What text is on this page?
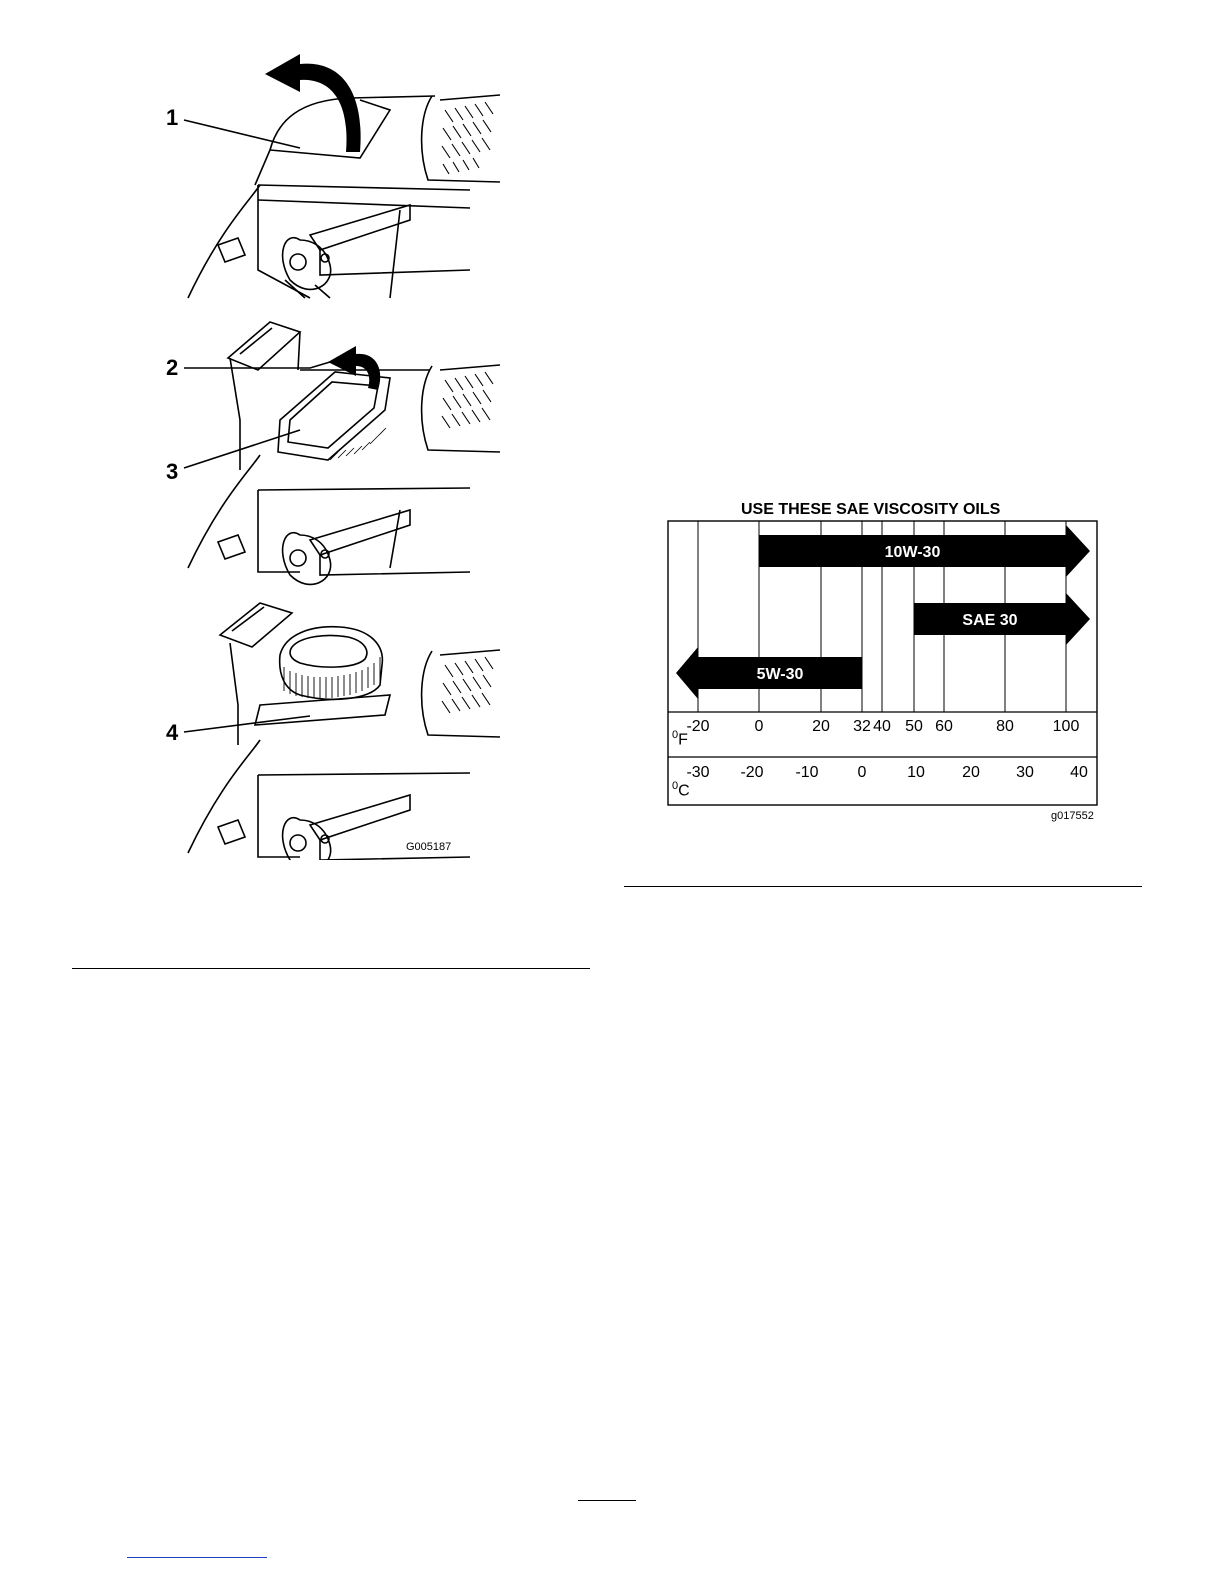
1
2
3
4
G005187
USE THESE SAE VISCOSITY OILS
10W-30
SAE 30
5W-30
-20	0	20 32 40 50 60	80 100
-30 -20 -10 0	10 20 30 40
$^0$F
$^0$C
g017552
